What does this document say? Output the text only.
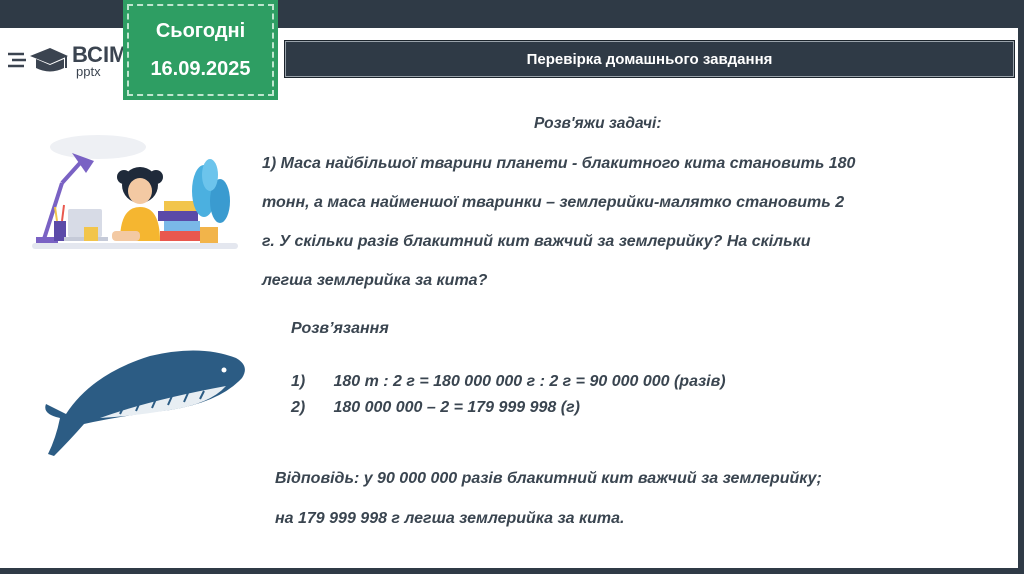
ВСІМ
pptx
Сьогодні
16.09.2025	Перевірка домашнього завдання
Розв'яжи задачі:
1) Маса найбільшої тварини планети - блакитного кита становить 180
тонн, а маса найменшої тваринки – землерийки-малятко становить 2
г. У скільки разів блакитний кит важчий за землерийку? На скільки
легша землерийка за кита?
Розв’язання
1) 180 т : 2 г = 180 000 000 г : 2 г = 90 000 000 (разів)
2) 180 000 000 – 2 = 179 999 998 (г)
Відповідь: у 90 000 000 разів блакитний кит важчий за землерийку;
на 179 999 998 г легша землерийка за кита.
